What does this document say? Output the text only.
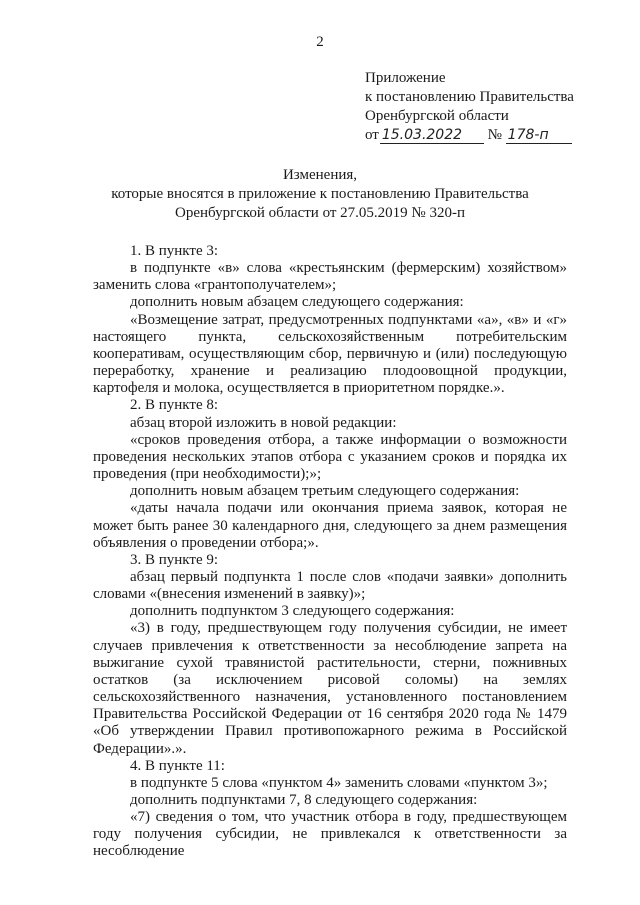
2
Приложение
к постановлению Правительства
Оренбургской области
от 15.03.2022 № 178-п
Изменения,
которые вносятся в приложение к постановлению Правительства
Оренбургской области от 27.05.2019 № 320-п

1. В пункте 3:

в подпункте «в» слова «крестьянским (фермерским) хозяйством» заменить слова «грантополучателем»;

дополнить новым абзацем следующего содержания:

«Возмещение затрат, предусмотренных подпунктами «а», «в» и «г» настоящего пункта, сельскохозяйственным потребительским кооперативам, осуществляющим сбор, первичную и (или) последующую переработку, хранение и реализацию плодоовощной продукции, картофеля и молока, осуществляется в приоритетном порядке.».

2. В пункте 8:

абзац второй изложить в новой редакции:

«сроков проведения отбора, а также информации о возможности проведения нескольких этапов отбора с указанием сроков и порядка их проведения (при необходимости);»;

дополнить новым абзацем третьим следующего содержания:

«даты начала подачи или окончания приема заявок, которая не может быть ранее 30 календарного дня, следующего за днем размещения объявления о проведении отбора;».

3. В пункте 9:

абзац первый подпункта 1 после слов «подачи заявки» дополнить словами «(внесения изменений в заявку)»;

дополнить подпунктом 3 следующего содержания:

«3) в году, предшествующем году получения субсидии, не имеет случаев привлечения к ответственности за несоблюдение запрета на выжигание сухой травянистой растительности, стерни, пожнивных остатков (за исключением рисовой соломы) на землях сельскохозяйственного назначения, установленного постановлением Правительства Российской Федерации от 16 сентября 2020 года № 1479 «Об утверждении Правил противопожарного режима в Российской Федерации».».

4. В пункте 11:

в подпункте 5 слова «пунктом 4» заменить словами «пунктом 3»;

дополнить подпунктами 7, 8 следующего содержания:

«7) сведения о том, что участник отбора в году, предшествующем году получения субсидии, не привлекался к ответственности за несоблюдение
